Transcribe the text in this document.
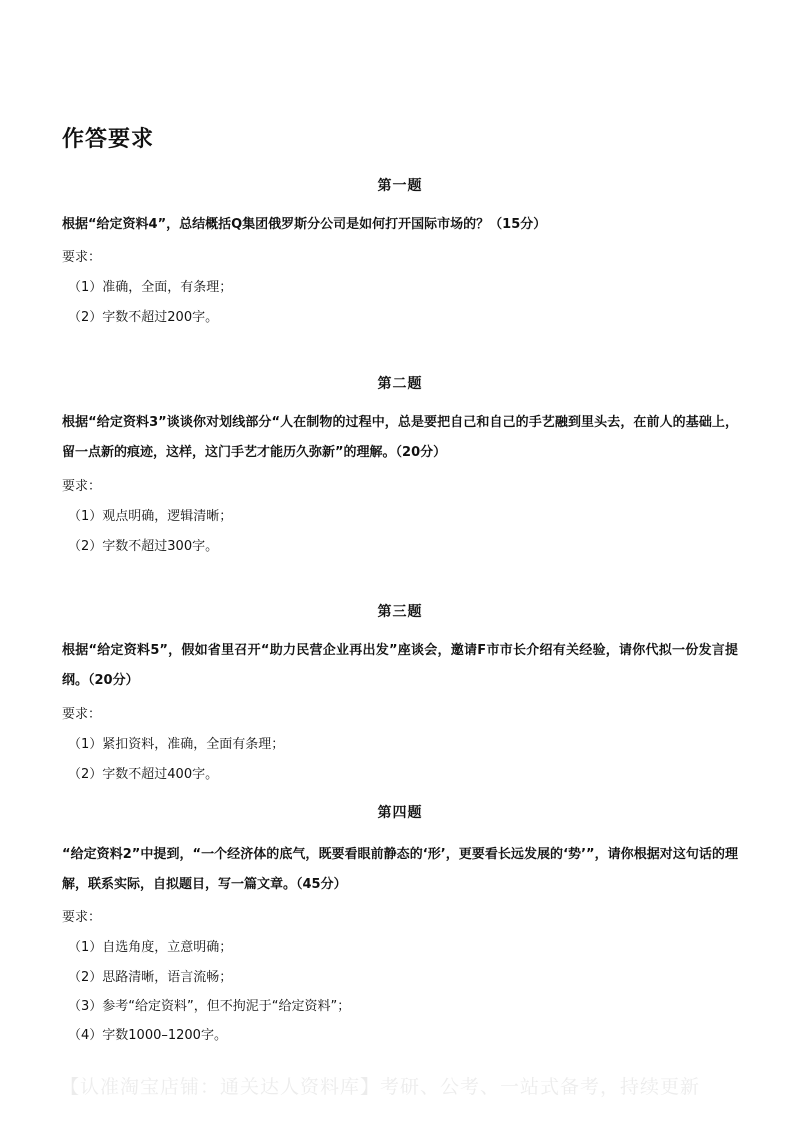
作答要求
第一题
根据“给定资料4”，总结概括Q集团俄罗斯分公司是如何打开国际市场的？（15分）
要求：
（1）准确，全面，有条理；
（2）字数不超过200字。
第二题
根据“给定资料3”谈谈你对划线部分“人在制物的过程中，总是要把自己和自己的手艺融到里头去，在前人的基础上，留一点新的痕迹，这样，这门手艺才能历久弥新”的理解。（20分）
要求：
（1）观点明确，逻辑清晰；
（2）字数不超过300字。
第三题
根据“给定资料5”，假如省里召开“助力民营企业再出发”座谈会，邀请F市市长介绍有关经验，请你代拟一份发言提纲。（20分）
要求：
（1）紧扣资料，准确，全面有条理；
（2）字数不超过400字。
第四题
“给定资料2”中提到，“一个经济体的底气，既要看眼前静态的‘形’，更要看长远发展的‘势’”，请你根据对这句话的理解，联系实际，自拟题目，写一篇文章。（45分）
要求：
（1）自选角度，立意明确；
（2）思路清晰，语言流畅；
（3）参考“给定资料”，但不拘泥于“给定资料”；
（4）字数1000–1200字。
【认准淘宝店铺：通关达人资料库】考研、公考、一站式备考，持续更新
